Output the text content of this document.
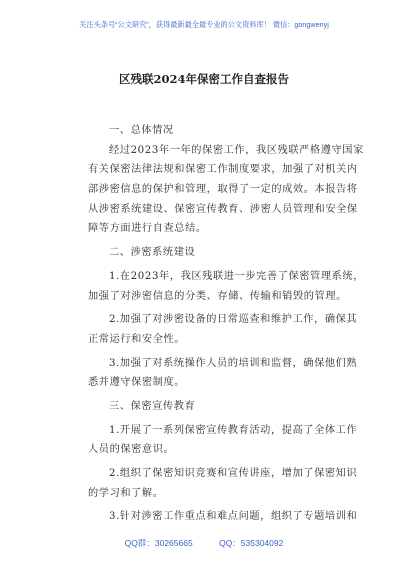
关注头条号“公文研究”，获得最新最全最专业的公文资料库！ 微信：gongwenyj
区残联2024年保密工作自查报告
一、总体情况
经过2023年一年的保密工作，我区残联严格遵守国家
有关保密法律法规和保密工作制度要求，加强了对机关内
部涉密信息的保护和管理，取得了一定的成效。本报告将
从涉密系统建设、保密宣传教育、涉密人员管理和安全保
障等方面进行自查总结。
二、涉密系统建设
1.在2023年，我区残联进一步完善了保密管理系统，
加强了对涉密信息的分类、存储、传输和销毁的管理。
2.加强了对涉密设备的日常巡查和维护工作，确保其
正常运行和安全性。
3.加强了对系统操作人员的培训和监督，确保他们熟
悉并遵守保密制度。
三、保密宣传教育
1.开展了一系列保密宣传教育活动，提高了全体工作
人员的保密意识。
2.组织了保密知识竞赛和宣传讲座，增加了保密知识
的学习和了解。
3.针对涉密工作重点和难点问题，组织了专题培训和
QQ群：30265665	QQ：535304092
